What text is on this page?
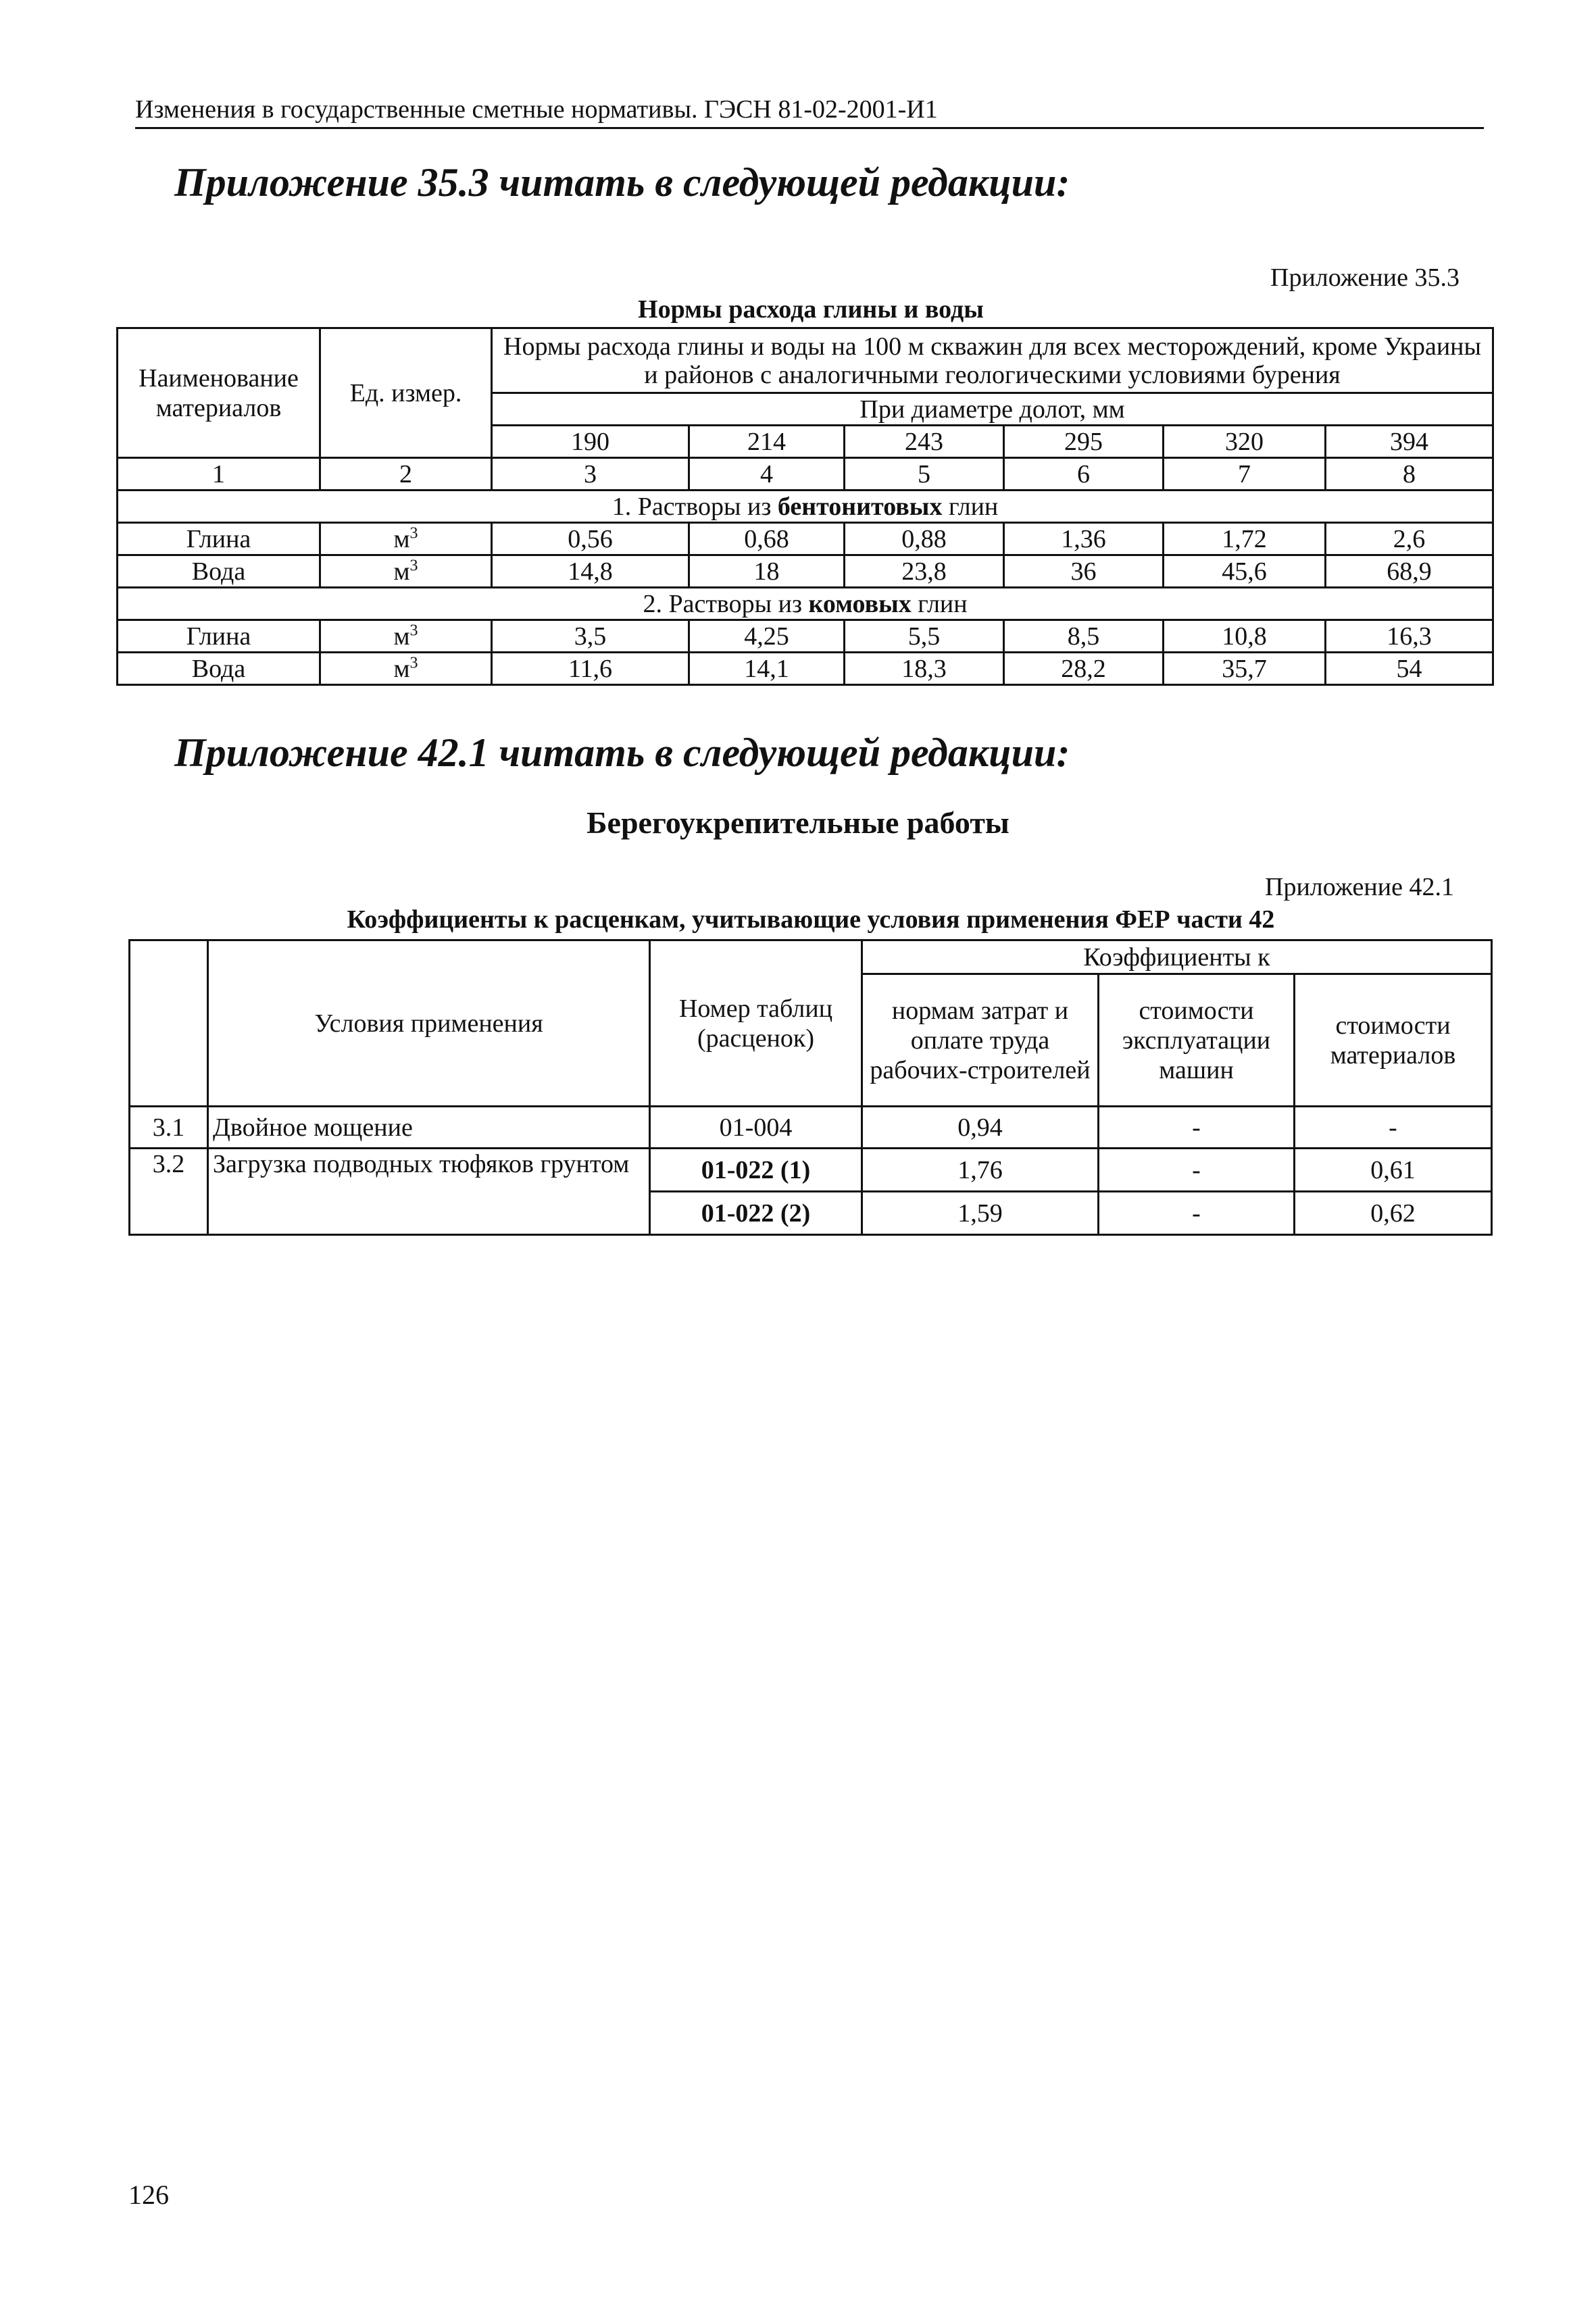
Изменения в государственные сметные нормативы. ГЭСН 81-02-2001-И1
Приложение 35.3 читать в следующей редакции:
Приложение 35.3
Нормы расхода глины и воды
Наименование материалов	Ед. измер.	Нормы расхода глины и воды на 100 м скважин для всех месторождений, кроме Украины и районов с аналогичными геологическими условиями бурения					
		При диаметре долот, мм					
		190	214	243	295	320	394
1	2	3	4	5	6	7	8
1. Растворы из бентонитовых глин							
Глина	$м^3$	0,56	0,68	0,88	1,36	1,72	2,6
Вода	$м^3$	14,8	18	23,8	36	45,6	68,9
2. Растворы из комовых глин							
Глина	$м^3$	3,5	4,25	5,5	8,5	10,8	16,3
Вода	$м^3$	11,6	14,1	18,3	28,2	35,7	54
Приложение 42.1 читать в следующей редакции:
Берегоукрепительные работы
Приложение 42.1
Коэффициенты к расценкам, учитывающие условия применения ФЕР части 42
	Условия применения	Номер таблиц (расценок)	Коэффициенты к		
			нормам затрат и оплате труда рабочих-строителей	стоимости эксплуатации машин	стоимости материалов
3.1	Двойное мощение	01-004	0,94	-	-
3.2	Загрузка подводных тюфяков грунтом	01-022 (1)	1,76	-	0,61
		01-022 (2)	1,59	-	0,62
126
